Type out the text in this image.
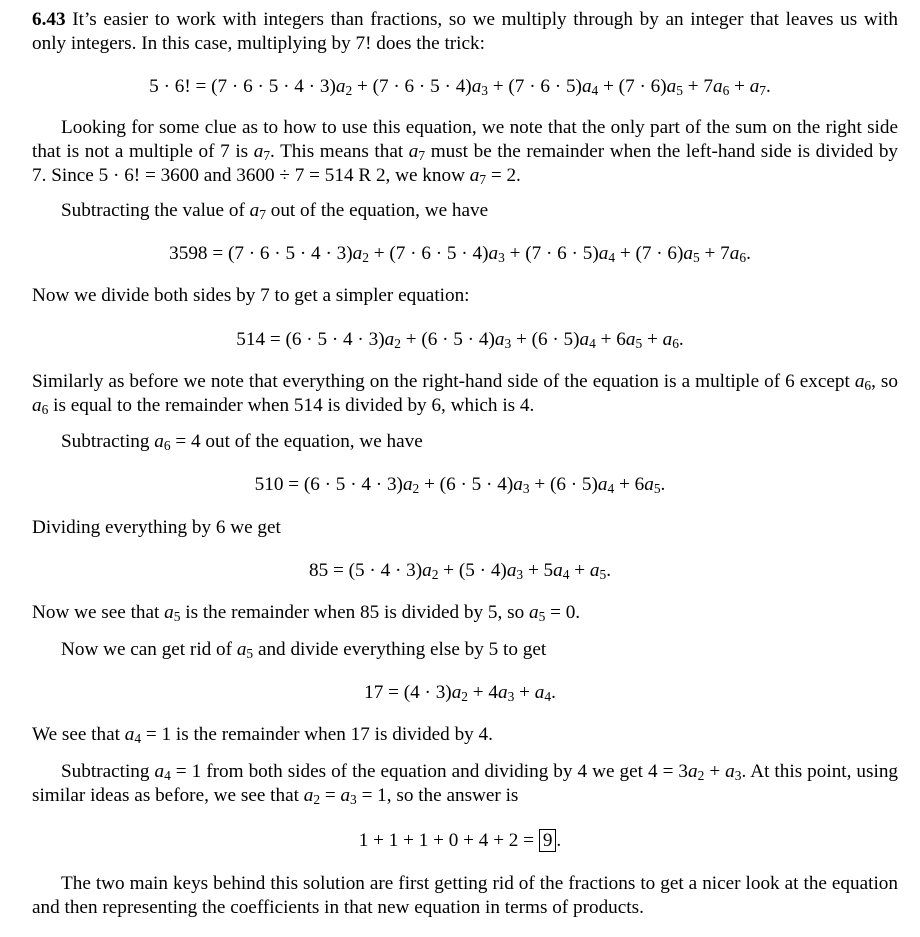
6.43 It’s easier to work with integers than fractions, so we multiply through by an integer that leaves us with only integers. In this case, multiplying by 7! does the trick:

5 · 6! = $(7 \cdot 6 \cdot 5 \cdot 4 \cdot 3)a_2 + (7 \cdot 6 \cdot 5 \cdot 4)a_3 + (7 \cdot 6 \cdot 5)a_4 + (7 \cdot 6)a_5 + 7a_6 + a_7$.

Looking for some clue as to how to use this equation, we note that the only part of the sum on the right side that is not a multiple of 7 is $a_7$. This means that $a_7$ must be the remainder when the left-hand side is divided by 7. Since 5 · 6! = 3600 and 3600 ÷ 7 = 514 R 2, we know $a_7 = 2$.

Subtracting the value of $a_7$ out of the equation, we have

$3598 = (7 \cdot 6 \cdot 5 \cdot 4 \cdot 3)a_2 + (7 \cdot 6 \cdot 5 \cdot 4)a_3 + (7 \cdot 6 \cdot 5)a_4 + (7 \cdot 6)a_5 + 7a_6$.

Now we divide both sides by 7 to get a simpler equation:

$514 = (6 \cdot 5 \cdot 4 \cdot 3)a_2 + (6 \cdot 5 \cdot 4)a_3 + (6 \cdot 5)a_4 + 6a_5 + a_6$.

Similarly as before we note that everything on the right-hand side of the equation is a multiple of 6 except $a_6$, so $a_6$ is equal to the remainder when 514 is divided by 6, which is 4.

Subtracting $a_6 = 4$ out of the equation, we have

$510 = (6 \cdot 5 \cdot 4 \cdot 3)a_2 + (6 \cdot 5 \cdot 4)a_3 + (6 \cdot 5)a_4 + 6a_5$.

Dividing everything by 6 we get

$85 = (5 \cdot 4 \cdot 3)a_2 + (5 \cdot 4)a_3 + 5a_4 + a_5$.

Now we see that $a_5$ is the remainder when 85 is divided by 5, so $a_5 = 0$.

Now we can get rid of $a_5$ and divide everything else by 5 to get

$17 = (4 \cdot 3)a_2 + 4a_3 + a_4$.

We see that $a_4 = 1$ is the remainder when 17 is divided by 4.

Subtracting $a_4 = 1$ from both sides of the equation and dividing by 4 we get $4 = 3a_2 + a_3$. At this point, using similar ideas as before, we see that $a_2 = a_3 = 1$, so the answer is

1 + 1 + 1 + 0 + 4 + 2 = 9 .

The two main keys behind this solution are first getting rid of the fractions to get a nicer look at the equation and then representing the coefficients in that new equation in terms of products.
